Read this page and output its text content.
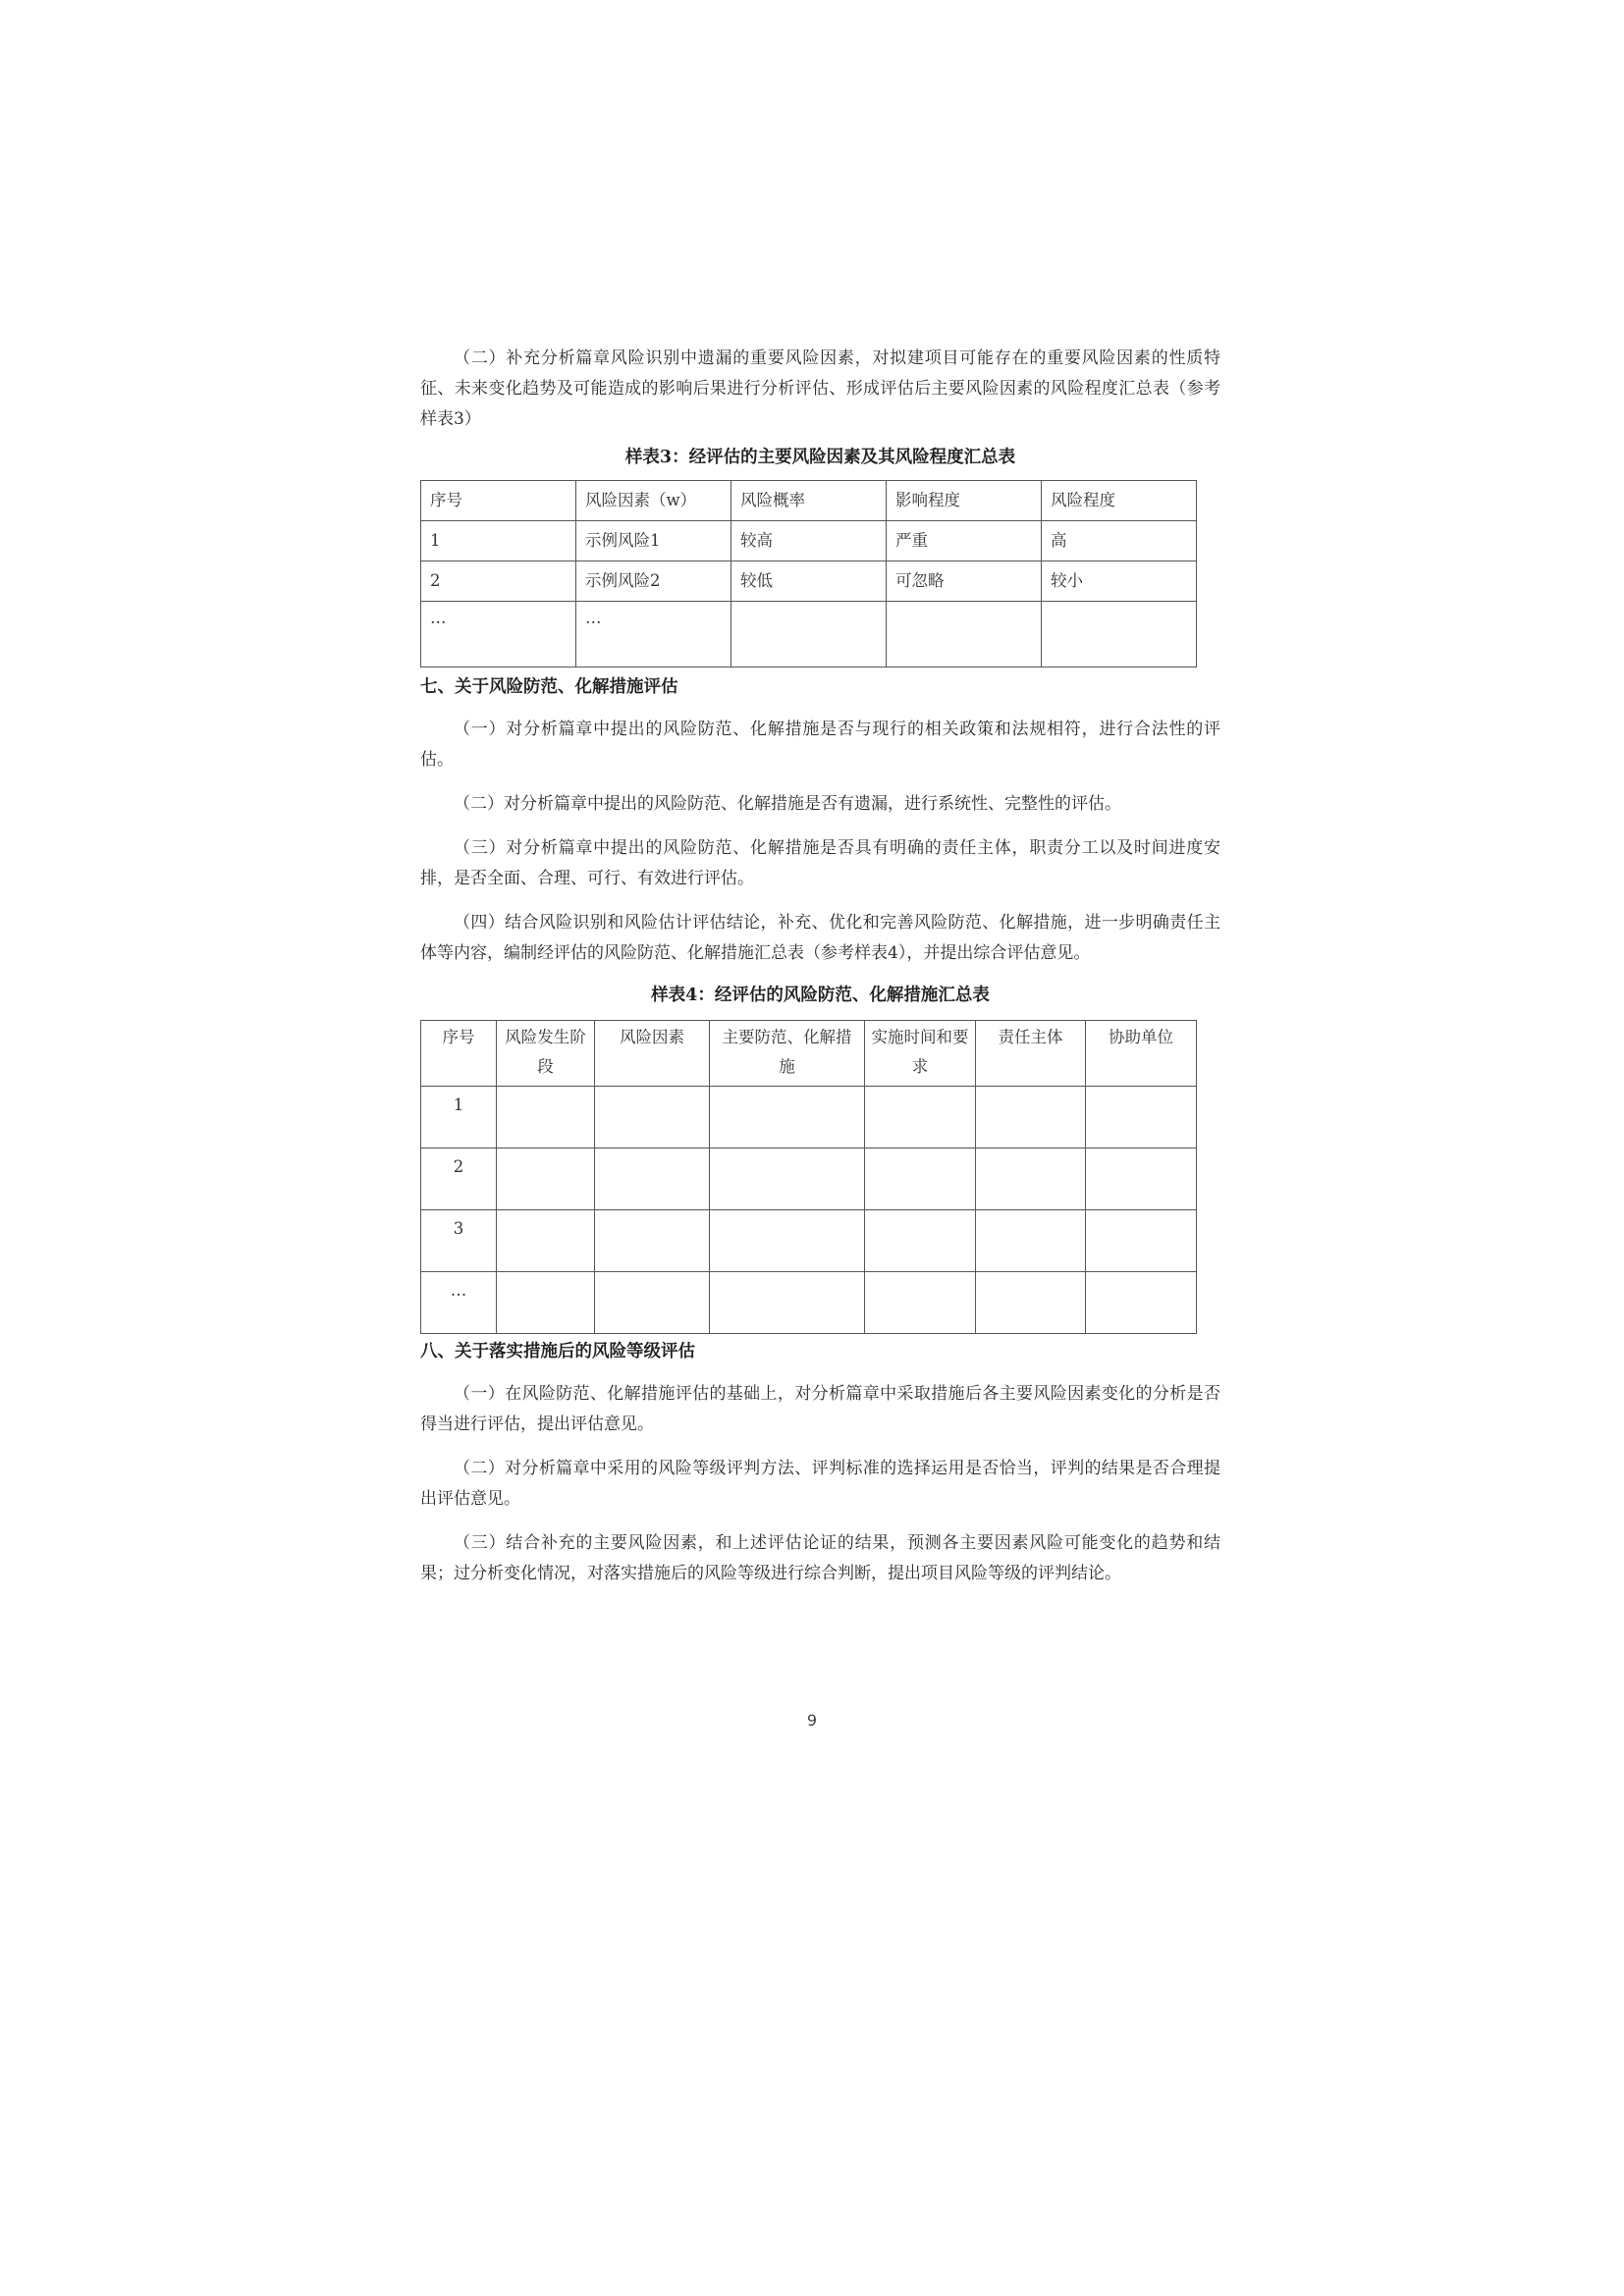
（二）补充分析篇章风险识别中遗漏的重要风险因素，对拟建项目可能存在的重要风险因素的性质特征、未来变化趋势及可能造成的影响后果进行分析评估、形成评估后主要风险因素的风险程度汇总表（参考样表3）

样表3：经评估的主要风险因素及其风险程度汇总表
序号	风险因素（w）	风险概率	影响程度	风险程度
1	示例风险1	较高	严重	高
2	示例风险2	较低	可忽略	较小
…	…			
七、关于风险防范、化解措施评估

（一）对分析篇章中提出的风险防范、化解措施是否与现行的相关政策和法规相符，进行合法性的评估。

（二）对分析篇章中提出的风险防范、化解措施是否有遗漏，进行系统性、完整性的评估。

（三）对分析篇章中提出的风险防范、化解措施是否具有明确的责任主体，职责分工以及时间进度安排，是否全面、合理、可行、有效进行评估。

（四）结合风险识别和风险估计评估结论，补充、优化和完善风险防范、化解措施，进一步明确责任主体等内容，编制经评估的风险防范、化解措施汇总表（参考样表4），并提出综合评估意见。

样表4：经评估的风险防范、化解措施汇总表
序号	风险发生阶段	风险因素	主要防范、化解措施	实施时间和要求	责任主体	协助单位
1						
2						
3						
…						
八、关于落实措施后的风险等级评估

（一）在风险防范、化解措施评估的基础上，对分析篇章中采取措施后各主要风险因素变化的分析是否得当进行评估，提出评估意见。

（二）对分析篇章中采用的风险等级评判方法、评判标准的选择运用是否恰当，评判的结果是否合理提出评估意见。

（三）结合补充的主要风险因素，和上述评估论证的结果，预测各主要因素风险可能变化的趋势和结果；过分析变化情况，对落实措施后的风险等级进行综合判断，提出项目风险等级的评判结论。

9
